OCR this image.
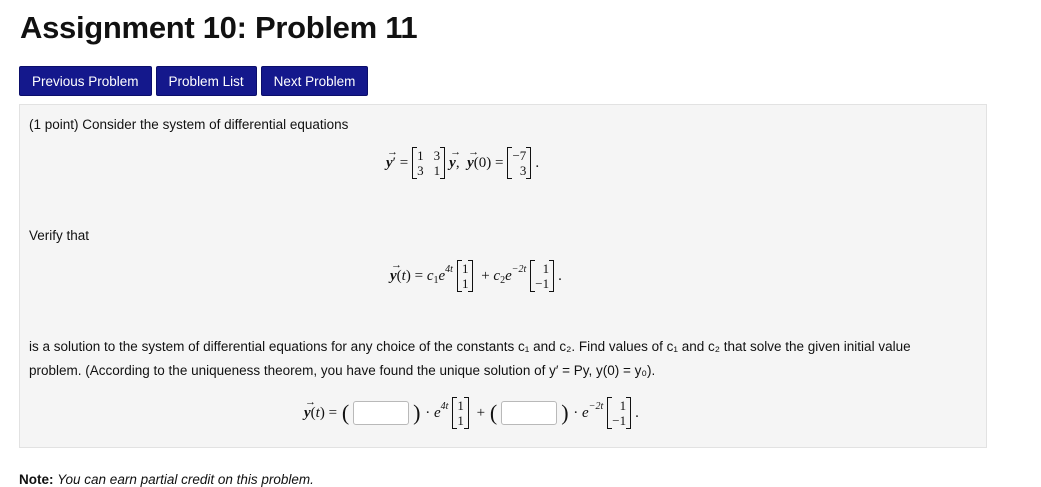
Assignment 10: Problem 11
Previous Problem	Problem List	Next Problem
(1 point) Consider the system of differential equations
→ y ′ = 1 3
3 1 → y , → y (0) = −7
3 .
Verify that
→ y (t) = c 1 e 4t 1
1 + c 2 e −2t	1
−1 .
is a solution to the system of differential equations for any choice of the constants c₁ and c₂. Find values of c₁ and c₂ that solve the given initial value
problem. (According to the uniqueness theorem, you have found the unique solution of y′ = Py, y(0) = y₀).
→ y (t) = (	) · e 4t 1
1 + (	) · e −2t	1
−1 .
Note: You can earn partial credit on this problem.
